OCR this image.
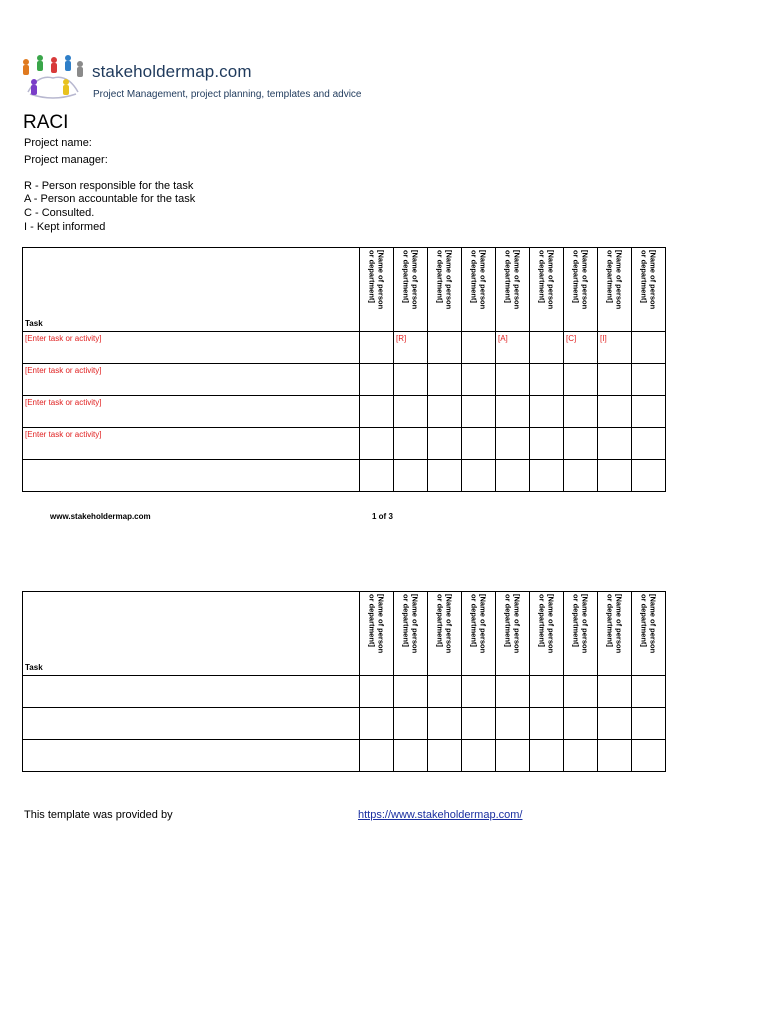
stakeholdermap.com
Project Management, project planning, templates and advice
RACI
Project name:
Project manager:
R - Person responsible for the task
A - Person accountable for the task
C - Consulted.
I - Kept informed
Task	[Name of person
or department]	[Name of person
or department]	[Name of person
or department]	[Name of person
or department]	[Name of person
or department]	[Name of person
or department]	[Name of person
or department]	[Name of person
or department]	[Name of person
or department]

[Enter task or activity]		[R]			[A]		[C]	[I]	
[Enter task or activity]									
[Enter task or activity]									
[Enter task or activity]									

www.stakeholdermap.com	1 of 3
Task	[Name of person
or department]	[Name of person
or department]	[Name of person
or department]	[Name of person
or department]	[Name of person
or department]	[Name of person
or department]	[Name of person
or department]	[Name of person
or department]	[Name of person
or department]

This template was provided by	https://www.stakeholdermap.com/
